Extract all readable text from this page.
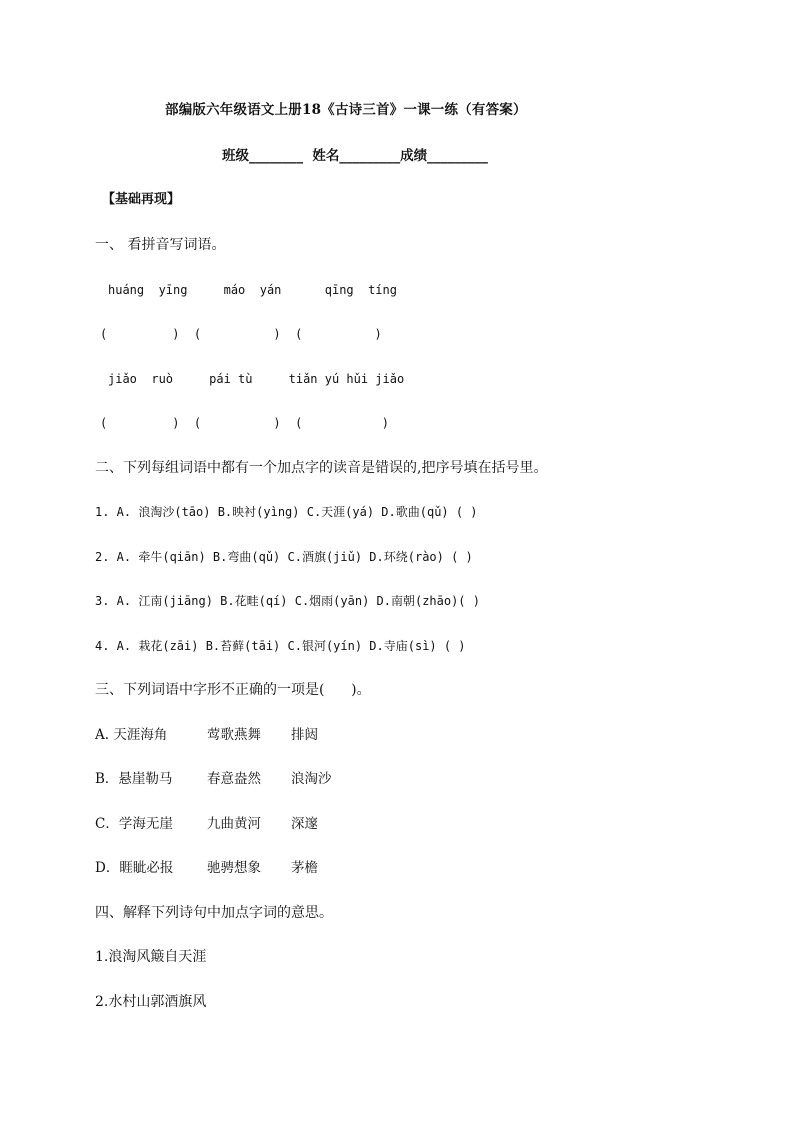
部编版六年级语文上册18《古诗三首》一课一练（有答案）

班级________  姓名_________成绩_________

【基础再现】

一、 看拼音写词语。

huáng  yīng     máo  yán      qīng  tíng

(         )  (          )  (          )

jiǎo  ruò     pái tù     tiǎn yú hǔi jiǎo

(         )  (          )  (           )

二、下列每组词语中都有一个加点字的读音是错误的,把序号填在括号里。

1. A. 浪淘沙(tāo) B.映衬(yìng) C.天涯(yá) D.歌曲(qǔ) ( )

2. A. 牵牛(qiān) B.弯曲(qǔ) C.酒旗(jiǔ) D.环绕(rào) ( )

3. A. 江南(jiāng) B.花畦(qí) C.烟雨(yān) D.南朝(zhāo)( )

4. A. 栽花(zāi) B.苔藓(tāi) C.银河(yín) D.寺庙(sì) ( )

三、下列词语中字形不正确的一项是(      )。

A. 天涯海角	莺歌燕舞 排闼
B．悬崖勒马	春意盎然 浪淘沙
C．学海无崖	九曲黄河 深邃
D．睚眦必报 驰骋想象 茅檐

四、解释下列诗句中加点字词的意思。

1.浪淘风簸自天涯

2.水村山郭酒旗风
